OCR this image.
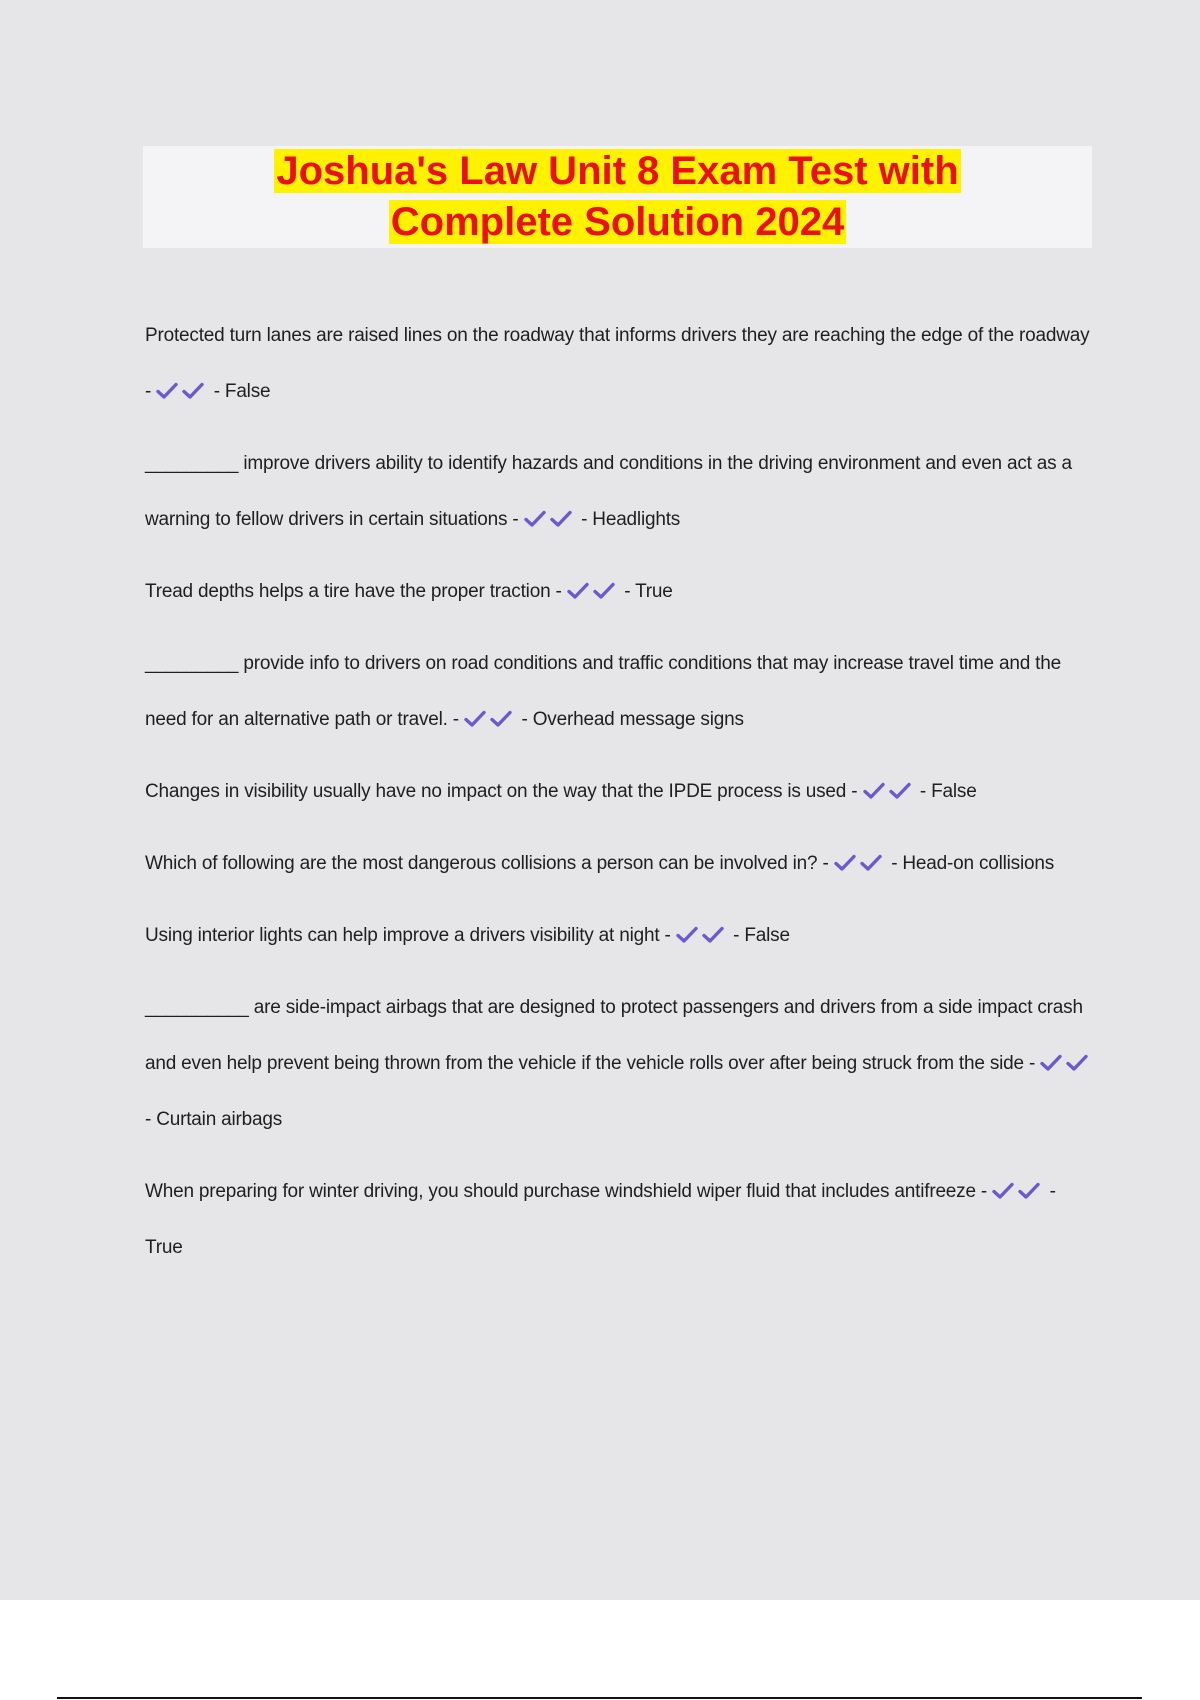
Joshua's Law Unit 8 Exam Test with
Complete Solution 2024
Protected turn lanes are raised lines on the roadway that informs drivers they are reaching the edge of the roadway -	- False
_________ improve drivers ability to identify hazards and conditions in the driving environment and even act as a warning to fellow drivers in certain situations -	- Headlights
Tread depths helps a tire have the proper traction -	- True
_________ provide info to drivers on road conditions and traffic conditions that may increase travel time and the need for an alternative path or travel. -	- Overhead message signs
Changes in visibility usually have no impact on the way that the IPDE process is used -	- False
Which of following are the most dangerous collisions a person can be involved in? -	- Head-on collisions
Using interior lights can help improve a drivers visibility at night -	- False
__________ are side-impact airbags that are designed to protect passengers and drivers from a side impact crash and even help prevent being thrown from the vehicle if the vehicle rolls over after being struck from the side -
- Curtain airbags
When preparing for winter driving, you should purchase windshield wiper fluid that includes antifreeze -	- True
